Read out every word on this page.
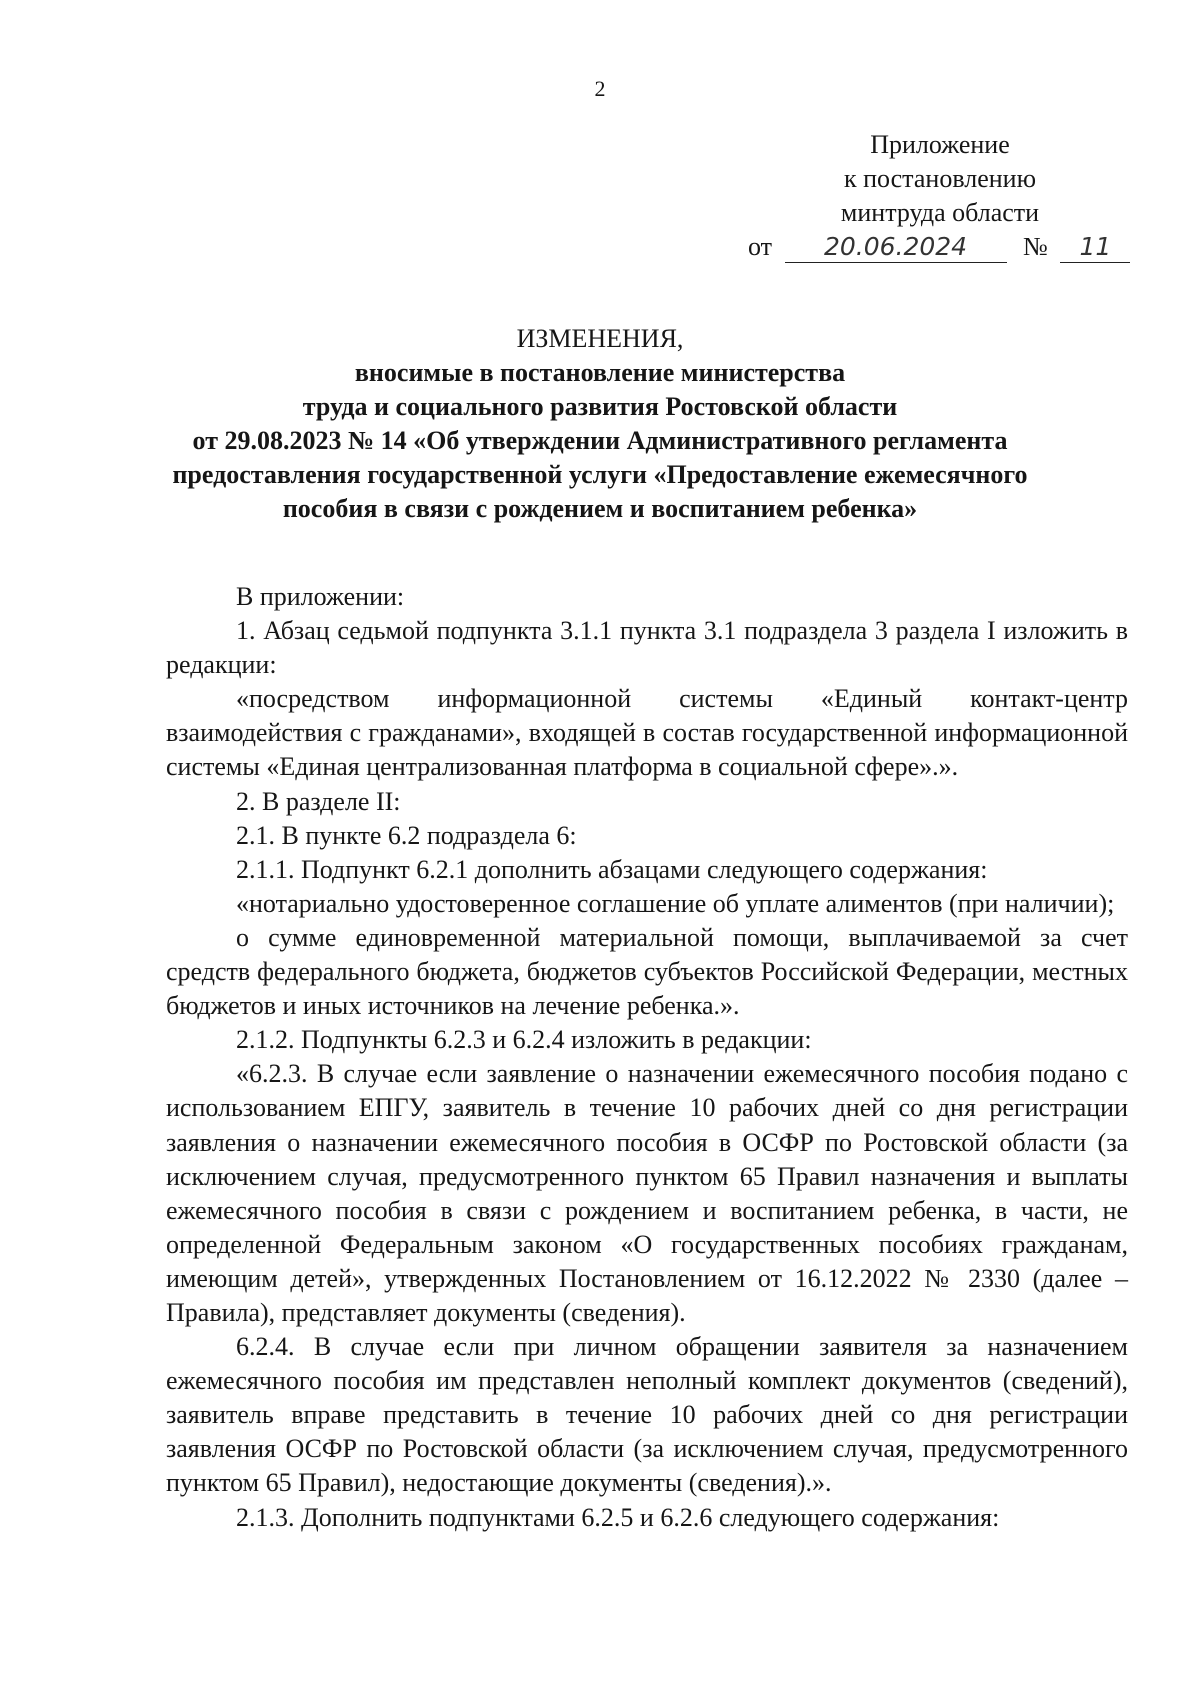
2
Приложение
к постановлению
минтруда области
от 20.06.2024 № 11
ИЗМЕНЕНИЯ,
вносимые в постановление министерства
труда и социального развития Ростовской области
от 29.08.2023 № 14 «Об утверждении Административного регламента
предоставления государственной услуги «Предоставление ежемесячного
пособия в связи с рождением и воспитанием ребенка»

В приложении:

1. Абзац седьмой подпункта 3.1.1 пункта 3.1 подраздела 3 раздела I изложить в редакции:

«посредством информационной системы «Единый контакт-центр взаимодействия с гражданами», входящей в состав государственной информационной системы «Единая централизованная платформа в социальной сфере».».

2. В разделе II:

2.1. В пункте 6.2 подраздела 6:

2.1.1. Подпункт 6.2.1 дополнить абзацами следующего содержания:

«нотариально удостоверенное соглашение об уплате алиментов (при наличии);

о сумме единовременной материальной помощи, выплачиваемой за счет средств федерального бюджета, бюджетов субъектов Российской Федерации, местных бюджетов и иных источников на лечение ребенка.».

2.1.2. Подпункты 6.2.3 и 6.2.4 изложить в редакции:

«6.2.3. В случае если заявление о назначении ежемесячного пособия подано с использованием ЕПГУ, заявитель в течение 10 рабочих дней со дня регистрации заявления о назначении ежемесячного пособия в ОСФР по Ростовской области (за исключением случая, предусмотренного пунктом 65 Правил назначения и выплаты ежемесячного пособия в связи с рождением и воспитанием ребенка, в части, не определенной Федеральным законом «О государственных пособиях гражданам, имеющим детей», утвержденных Постановлением от 16.12.2022 № 2330 (далее – Правила), представляет документы (сведения).

6.2.4. В случае если при личном обращении заявителя за назначением ежемесячного пособия им представлен неполный комплект документов (сведений), заявитель вправе представить в течение 10 рабочих дней со дня регистрации заявления ОСФР по Ростовской области (за исключением случая, предусмотренного пунктом 65 Правил), недостающие документы (сведения).».

2.1.3. Дополнить подпунктами 6.2.5 и 6.2.6 следующего содержания:
